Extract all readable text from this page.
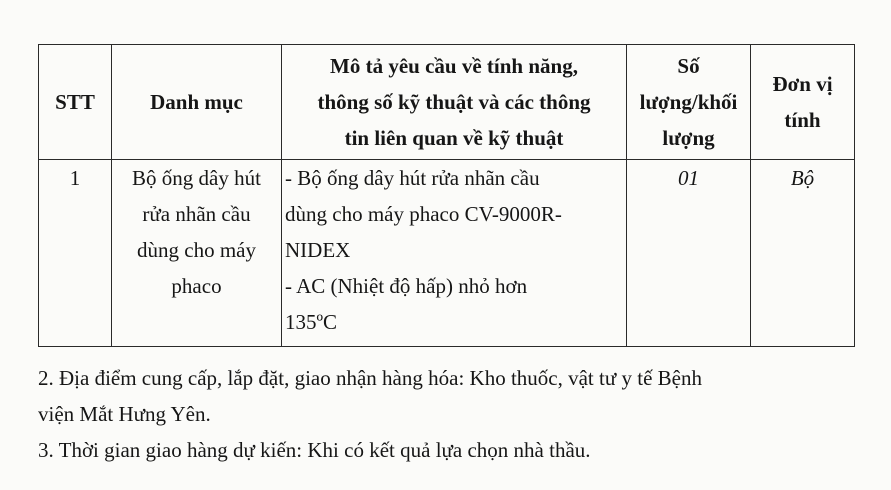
STT	Danh mục	Mô tả yêu cầu về tính năng,
thông số kỹ thuật và các thông
tin liên quan về kỹ thuật	Số
lượng/khối
lượng	Đơn vị
tính

1	Bộ ống dây hút
rửa nhãn cầu
dùng cho máy
phaco	- Bộ ống dây hút rửa nhãn cầu
dùng cho máy phaco CV-9000R-
NIDEX
- AC (Nhiệt độ hấp) nhỏ hơn
135ºC	01	Bộ

2. Địa điểm cung cấp, lắp đặt, giao nhận hàng hóa: Kho thuốc, vật tư y tế Bệnh
viện Mắt Hưng Yên.

3. Thời gian giao hàng dự kiến: Khi có kết quả lựa chọn nhà thầu.
